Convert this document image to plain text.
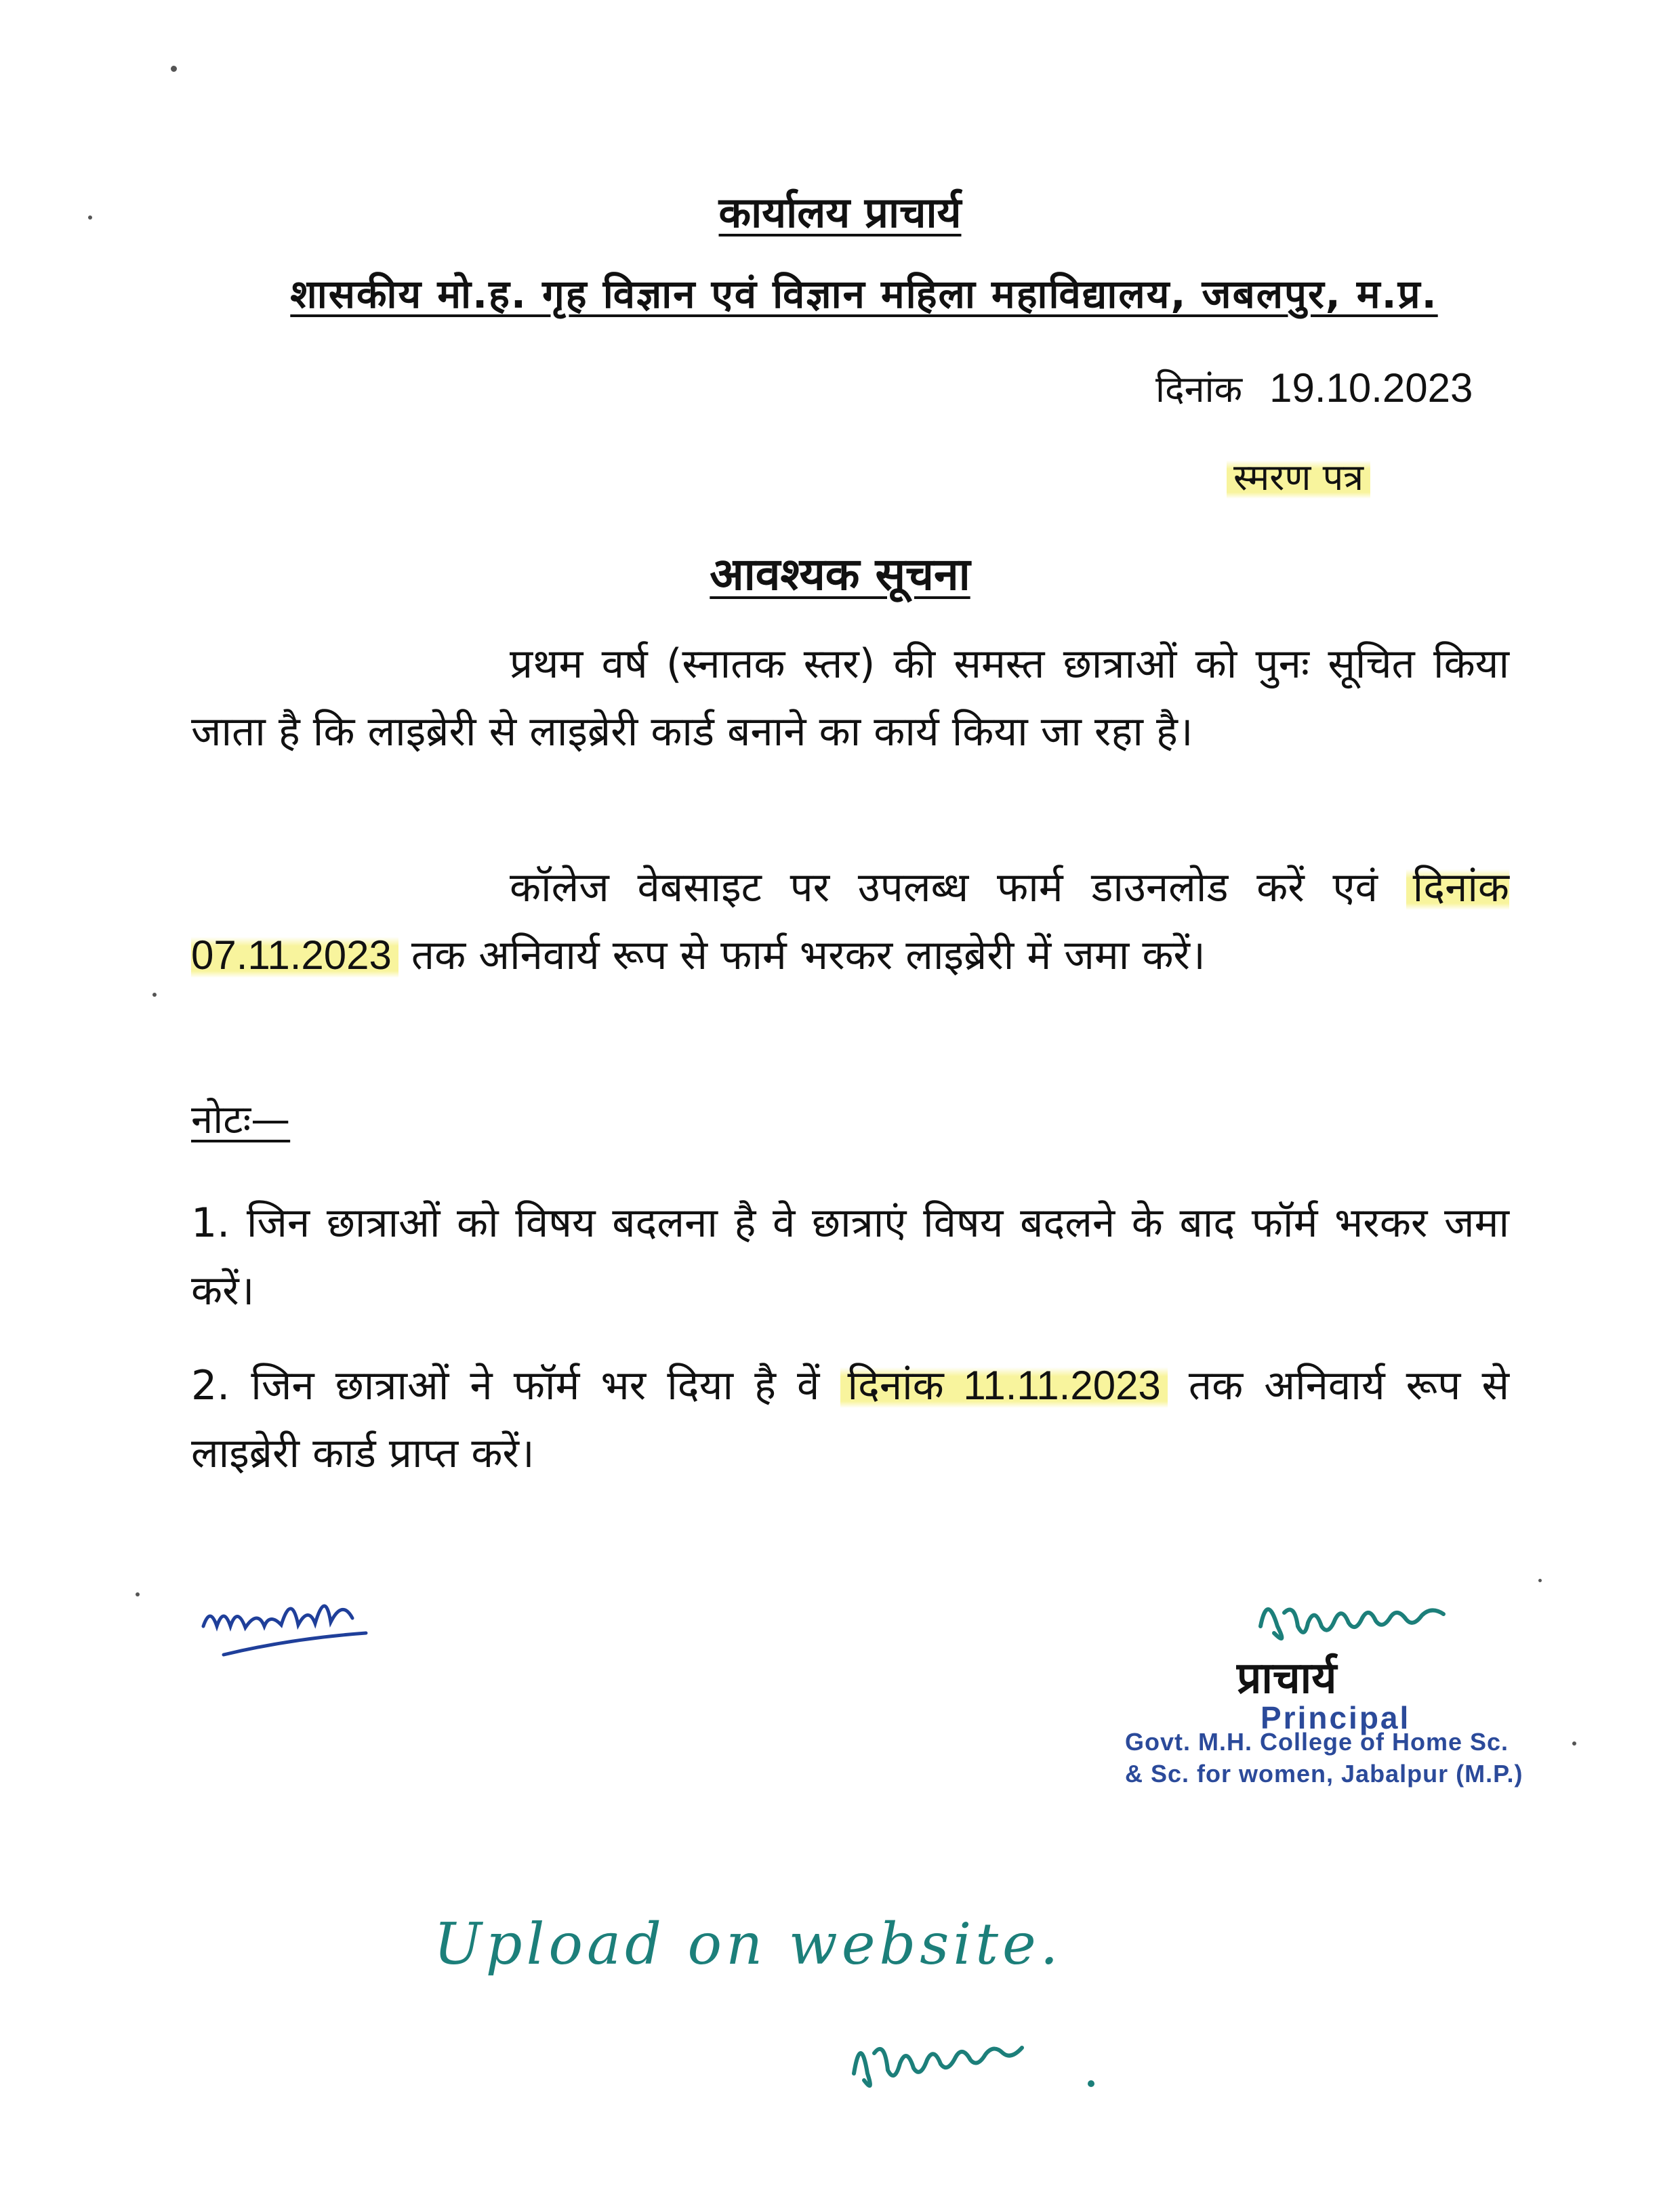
कार्यालय प्राचार्य
शासकीय मो.ह. गृह विज्ञान एवं विज्ञान महिला महाविद्यालय, जबलपुर, म.प्र.
दिनांक 19.10.2023
स्मरण पत्र
आवश्यक सूचना
प्रथम वर्ष (स्नातक स्तर) की समस्त छात्राओं को पुनः सूचित किया जाता है कि लाइब्रेरी से लाइब्रेरी कार्ड बनाने का कार्य किया जा रहा है।
कॉलेज वेबसाइट पर उपलब्ध फार्म डाउनलोड करें एवं दिनांक 07.11.2023 तक अनिवार्य रूप से फार्म भरकर लाइब्रेरी में जमा करें।
नोटः—
1. जिन छात्राओं को विषय बदलना है वे छात्राएं विषय बदलने के बाद फॉर्म भरकर जमा करें।
2. जिन छात्राओं ने फॉर्म भर दिया है वें दिनांक 11.11.2023 तक अनिवार्य रूप से लाइब्रेरी कार्ड प्राप्त करें।
प्राचार्य
Principal
Govt. M.H. College of Home Sc.
& Sc. for women, Jabalpur (M.P.)
Upload on website.
